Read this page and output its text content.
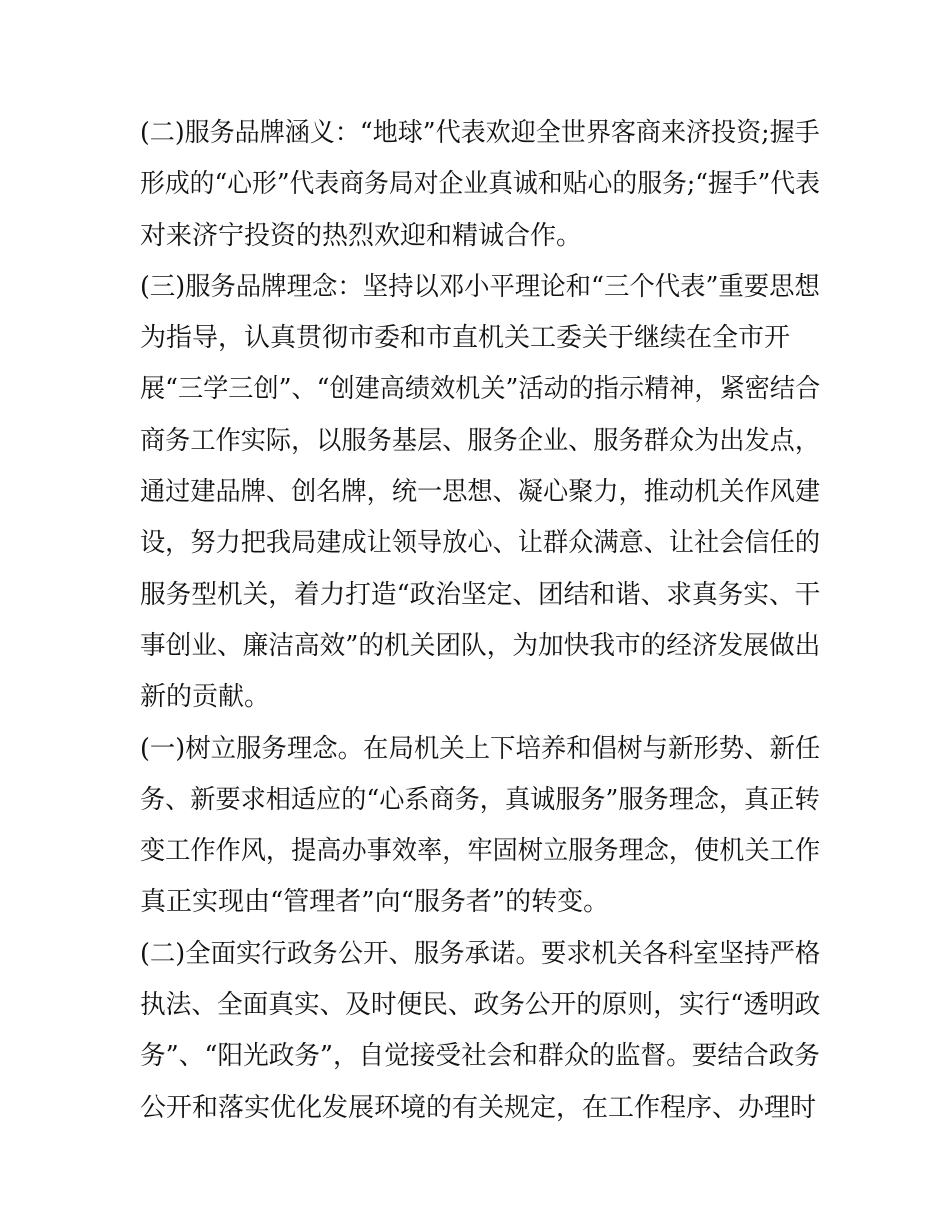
(二)服务品牌涵义：“地球”代表欢迎全世界客商来济投资;握手
形成的“心形”代表商务局对企业真诚和贴心的服务;“握手”代表
对来济宁投资的热烈欢迎和精诚合作。
(三)服务品牌理念：坚持以邓小平理论和“三个代表”重要思想
为指导，认真贯彻市委和市直机关工委关于继续在全市开
展“三学三创”、“创建高绩效机关”活动的指示精神，紧密结合
商务工作实际，以服务基层、服务企业、服务群众为出发点，
通过建品牌、创名牌，统一思想、凝心聚力，推动机关作风建
设，努力把我局建成让领导放心、让群众满意、让社会信任的
服务型机关，着力打造“政治坚定、团结和谐、求真务实、干
事创业、廉洁高效”的机关团队，为加快我市的经济发展做出
新的贡献。
(一)树立服务理念。在局机关上下培养和倡树与新形势、新任
务、新要求相适应的“心系商务，真诚服务”服务理念，真正转
变工作作风，提高办事效率，牢固树立服务理念，使机关工作
真正实现由“管理者”向“服务者”的转变。
(二)全面实行政务公开、服务承诺。要求机关各科室坚持严格
执法、全面真实、及时便民、政务公开的原则，实行“透明政
务”、“阳光政务”，自觉接受社会和群众的监督。要结合政务
公开和落实优化发展环境的有关规定，在工作程序、办理时
